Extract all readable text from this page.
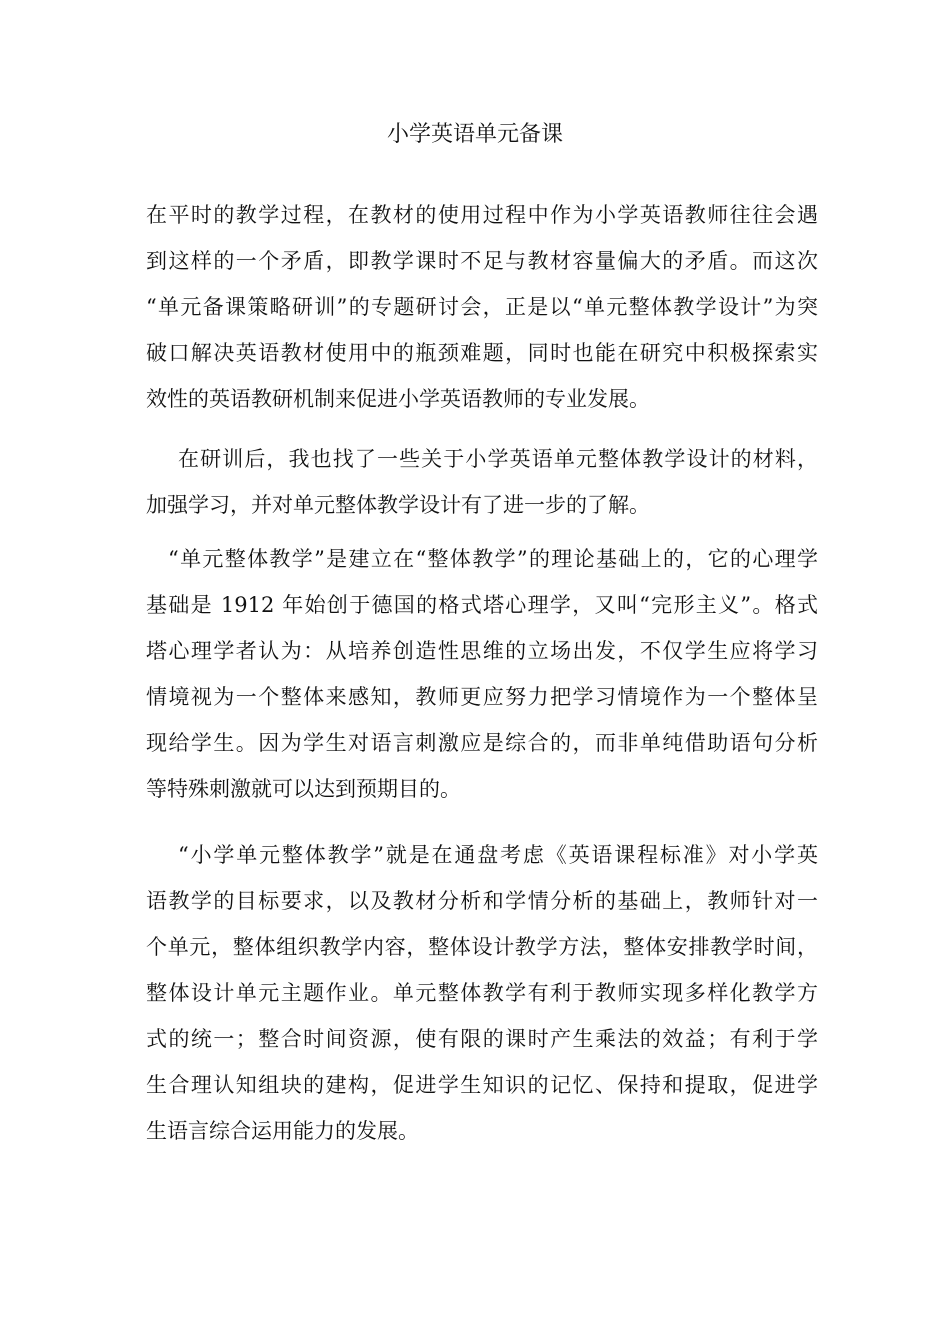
小学英语单元备课
在平时的教学过程，在教材的使用过程中作为小学英语教师往往会遇
到这样的一个矛盾，即教学课时不足与教材容量偏大的矛盾。而这次
“单元备课策略研训”的专题研讨会，正是以“单元整体教学设计”为突
破口解决英语教材使用中的瓶颈难题，同时也能在研究中积极探索实
效性的英语教研机制来促进小学英语教师的专业发展。
在研训后，我也找了一些关于小学英语单元整体教学设计的材料，
加强学习，并对单元整体教学设计有了进一步的了解。
“单元整体教学”是建立在“整体教学”的理论基础上的，它的心理学
基础是 1912 年始创于德国的格式塔心理学，又叫“完形主义”。格式
塔心理学者认为：从培养创造性思维的立场出发，不仅学生应将学习
情境视为一个整体来感知，教师更应努力把学习情境作为一个整体呈
现给学生。因为学生对语言刺激应是综合的，而非单纯借助语句分析
等特殊刺激就可以达到预期目的。
“小学单元整体教学”就是在通盘考虑《英语课程标准》对小学英
语教学的目标要求，以及教材分析和学情分析的基础上，教师针对一
个单元，整体组织教学内容，整体设计教学方法，整体安排教学时间，
整体设计单元主题作业。单元整体教学有利于教师实现多样化教学方
式的统一；整合时间资源，使有限的课时产生乘法的效益；有利于学
生合理认知组块的建构，促进学生知识的记忆、保持和提取，促进学
生语言综合运用能力的发展。
